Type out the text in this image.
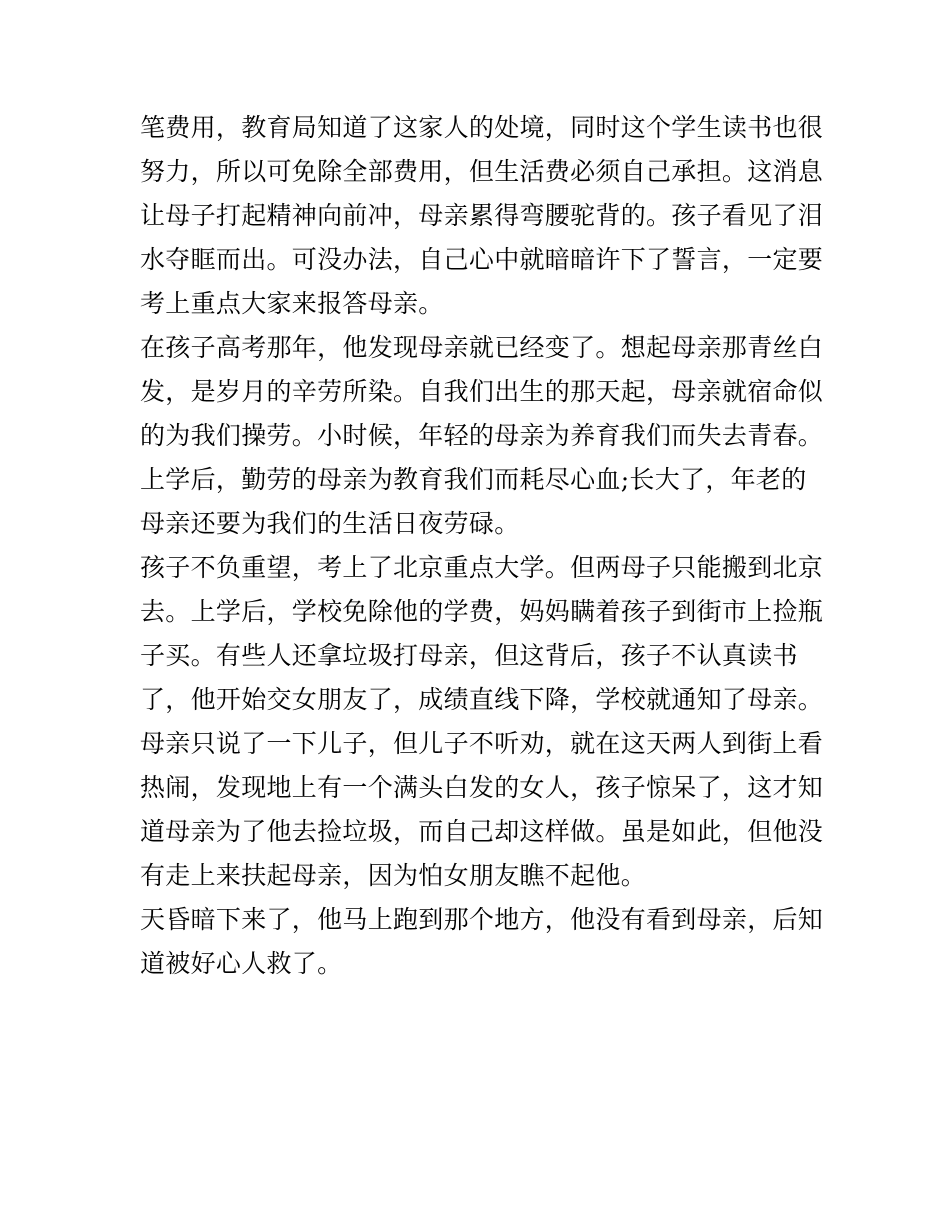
笔费用，教育局知道了这家人的处境，同时这个学生读书也很
努力，所以可免除全部费用，但生活费必须自己承担。这消息
让母子打起精神向前冲，母亲累得弯腰驼背的。孩子看见了泪
水夺眶而出。可没办法，自己心中就暗暗许下了誓言，一定要
考上重点大家来报答母亲。
在孩子高考那年，他发现母亲就已经变了。想起母亲那青丝白
发，是岁月的辛劳所染。自我们出生的那天起，母亲就宿命似
的为我们操劳。小时候，年轻的母亲为养育我们而失去青春。
上学后，勤劳的母亲为教育我们而耗尽心血;长大了，年老的
母亲还要为我们的生活日夜劳碌。
孩子不负重望，考上了北京重点大学。但两母子只能搬到北京
去。上学后，学校免除他的学费，妈妈瞒着孩子到街市上捡瓶
子买。有些人还拿垃圾打母亲，但这背后，孩子不认真读书
了，他开始交女朋友了，成绩直线下降，学校就通知了母亲。
母亲只说了一下儿子，但儿子不听劝，就在这天两人到街上看
热闹，发现地上有一个满头白发的女人，孩子惊呆了，这才知
道母亲为了他去捡垃圾，而自己却这样做。虽是如此，但他没
有走上来扶起母亲，因为怕女朋友瞧不起他。
天昏暗下来了，他马上跑到那个地方，他没有看到母亲，后知
道被好心人救了。
